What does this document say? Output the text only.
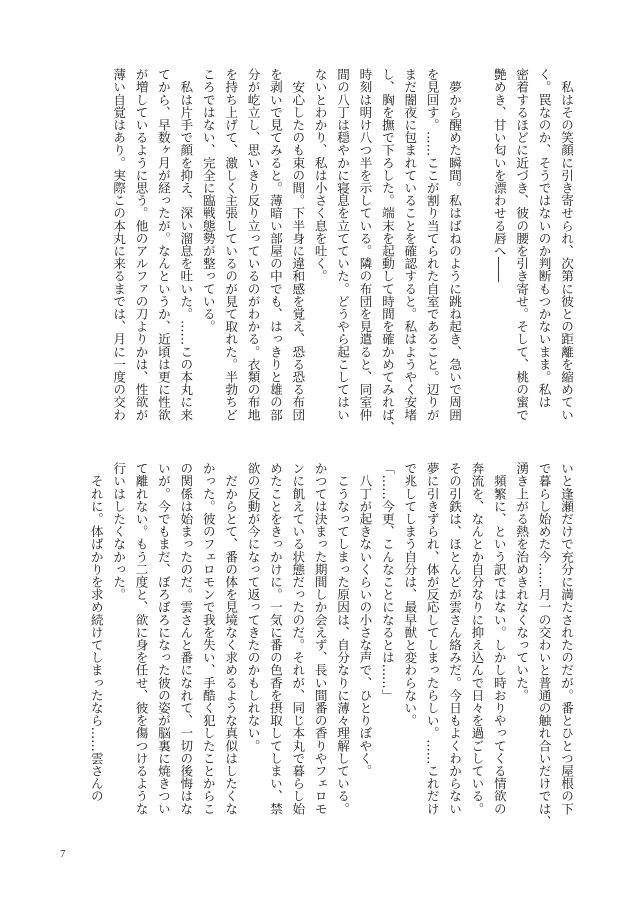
　私はその笑顔に引き寄せられ、次第に彼との距離を縮めてい
く。罠なのか、そうではないのか判断もつかないまま。私は
密着するほどに近づき、彼の腰を引き寄せ。そして、桃の蜜で
艶めき、甘い匂いを漂わせる唇へ――
　夢から醒めた瞬間。私はばねのように跳ね起き、急いで周囲
を見回す。……ここが割り当てられた自室であること。辺りが
まだ闇夜に包まれていることを確認すると。私はようやく安堵
し、胸を撫で下ろした。端末を起動して時間を確かめてみれば、
時刻は明け八つ半を示している。隣の布団を見遣ると、同室仲
間の八丁は穏やかに寝息を立てていた。どうやら起こしてはい
ないとわかり、私は小さく息を吐く。
　安心したのも束の間。下半身に違和感を覚え、恐る恐る布団
を剥いで見てみると。薄暗い部屋の中でも、はっきりと雄の部
分が屹立し、思いきり反り立っているのがわかる。衣類の布地
を持ち上げて、激しく主張しているのが見て取れた。半勃ちど
ころではない、完全に臨戦態勢が整っている。
　私は片手で顔を抑え、深い溜息を吐いた。……この本丸に来
てから、早数ヶ月が経ったが。なんというか、近頃は更に性欲
が増しているように思う。他のアルファの刀よりかは、性欲が
薄い自覚はあり。実際この本丸に来るまでは、月に一度の交わ
いと逢瀬だけで充分に満たされたのだが。番とひとつ屋根の下
で暮らし始めた今……月一の交わいと普通の触れ合いだけでは、
湧き上がる熱を治めきれなくなっていた。
　頻繁に、という訳ではない。しかし時おりやってくる情欲の
奔流を、なんとか自分なりに抑え込んで日々を過ごしている。
その引鉄は、ほとんどが雲さん絡みだ。今日もよくわからない
夢に引きずられ、体が反応してしまったらしい。……これだけ
で兆してしまう自分は、最早獣と変わらない。
「……今更、こんなことになるとは……」
　八丁が起きないくらいの小さな声で、ひとりぼやく。
　こうなってしまった原因は、自分なりに薄々理解している。
かつては決まった期間しか会えず、長い間番の香りやフェロモ
ンに飢えている状態だったのだ。それが、同じ本丸で暮らし始
めたことをきっかけに。一気に番の色香を摂取してしまい、禁
欲の反動が今になって返ってきたのかもしれない。
　だからとて、番の体を見境なく求めるような真似はしたくな
かった。彼のフェロモンで我を失い、手酷く犯したことからこ
の関係は始まったのだ。雲さんと番になれて、一切の後悔はな
いが。今でもまだ、ぼろぼろになった彼の姿が脳裏に焼きつい
て離れない。もう二度と、欲に身を任せ、彼を傷つけるような
行いはしたくなかった。
　それに。体ばかりを求め続けてしまったなら……雲さんの
7
